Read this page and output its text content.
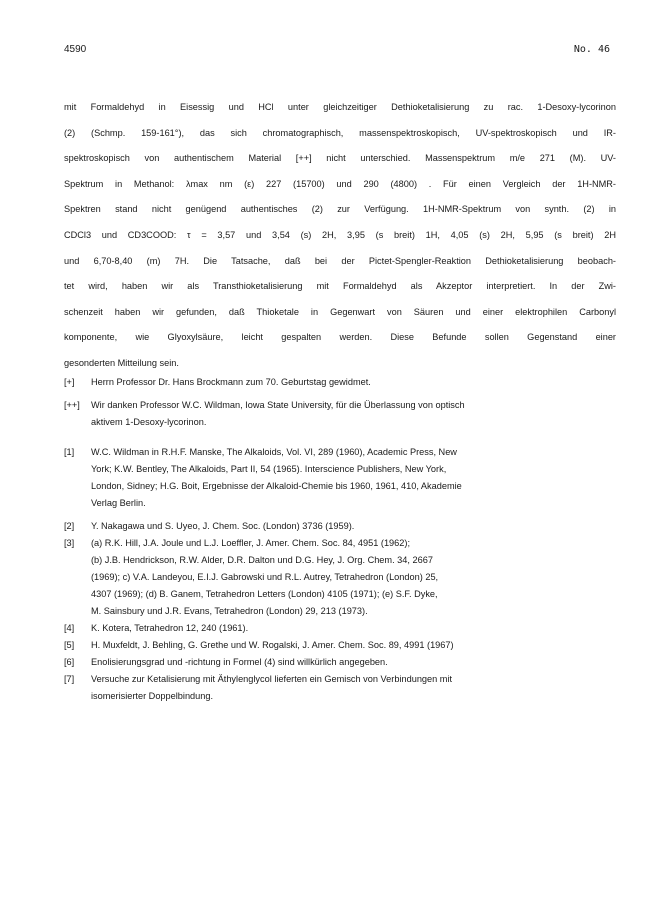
4590	No. 46
mit Formaldehyd in Eisessig und HCl unter gleichzeitiger Dethioketalisierung zu rac. 1-Desoxy-lycorinon
(2) (Schmp. 159-161°), das sich chromatographisch, massenspektroskopisch, UV-spektroskopisch und IR-
spektroskopisch von authentischem Material [++] nicht unterschied. Massenspektrum m/e 271 (M). UV-
Spektrum in Methanol: λmax nm (ε) 227 (15700) und 290 (4800) . Für einen Vergleich der 1H-NMR-
Spektren stand nicht genügend authentisches (2) zur Verfügung. 1H-NMR-Spektrum von synth. (2) in
CDCl3 und CD3COOD: τ = 3,57 und 3,54 (s) 2H, 3,95 (s breit) 1H, 4,05 (s) 2H, 5,95 (s breit) 2H
und 6,70-8,40 (m) 7H. Die Tatsache, daß bei der Pictet-Spengler-Reaktion Dethioketalisierung beobach-
tet wird, haben wir als Transthioketalisierung mit Formaldehyd als Akzeptor interpretiert. In der Zwi-
schenzeit haben wir gefunden, daß Thioketale in Gegenwart von Säuren und einer elektrophilen Carbonyl
komponente, wie Glyoxylsäure, leicht gespalten werden. Diese Befunde sollen Gegenstand einer
gesonderten Mitteilung sein.
[+] Herrn Professor Dr. Hans Brockmann zum 70. Geburtstag gewidmet.
[++] Wir danken Professor W.C. Wildman, Iowa State University, für die Überlassung von optisch
aktivem 1-Desoxy-lycorinon.
[1] W.C. Wildman in R.H.F. Manske, The Alkaloids, Vol. VI, 289 (1960), Academic Press, New
York; K.W. Bentley, The Alkaloids, Part II, 54 (1965). Interscience Publishers, New York,
London, Sidney; H.G. Boit, Ergebnisse der Alkaloid-Chemie bis 1960, 1961, 410, Akademie
Verlag Berlin.
[2] Y. Nakagawa und S. Uyeo, J. Chem. Soc. (London) 3736 (1959).
[3] (a) R.K. Hill, J.A. Joule und L.J. Loeffler, J. Amer. Chem. Soc. 84, 4951 (1962);
(b) J.B. Hendrickson, R.W. Alder, D.R. Dalton und D.G. Hey, J. Org. Chem. 34, 2667
(1969); c) V.A. Landeyou, E.I.J. Gabrowski und R.L. Autrey, Tetrahedron (London) 25,
4307 (1969); (d) B. Ganem, Tetrahedron Letters (London) 4105 (1971); (e) S.F. Dyke,
M. Sainsbury und J.R. Evans, Tetrahedron (London) 29, 213 (1973).
[4] K. Kotera, Tetrahedron 12, 240 (1961).
[5] H. Muxfeldt, J. Behling, G. Grethe und W. Rogalski, J. Amer. Chem. Soc. 89, 4991 (1967)
[6] Enolisierungsgrad und -richtung in Formel (4) sind willkürlich angegeben.
[7] Versuche zur Ketalisierung mit Äthylenglycol lieferten ein Gemisch von Verbindungen mit
isomerisierter Doppelbindung.
